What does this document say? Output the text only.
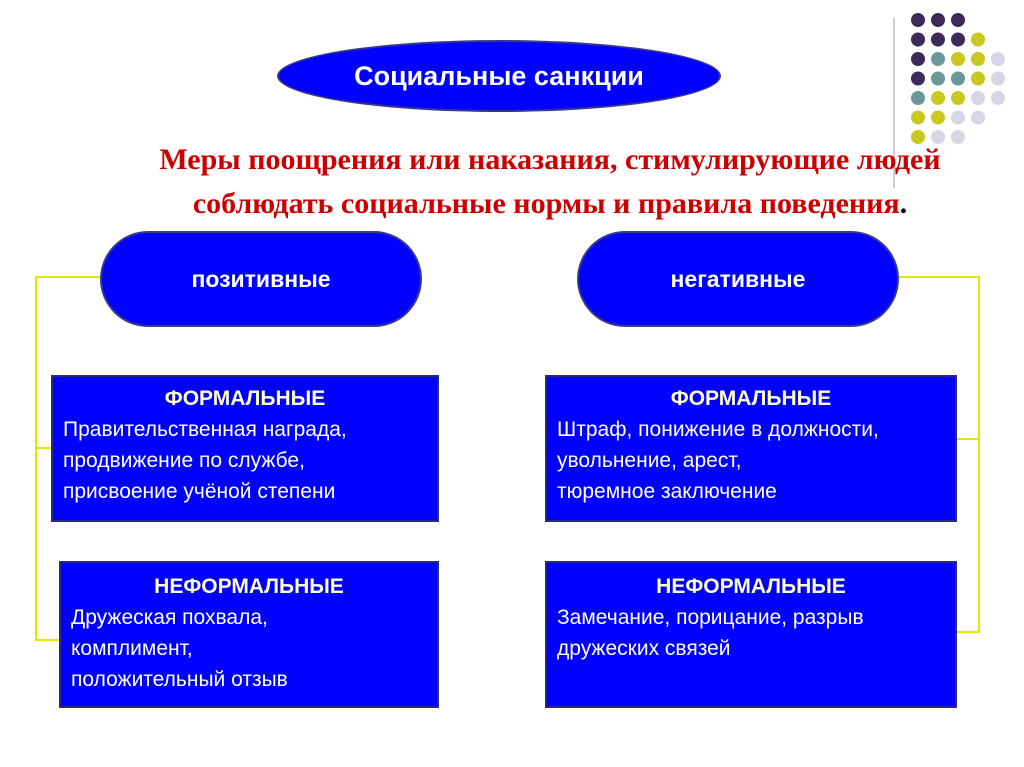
Социальные санкции
Меры поощрения или наказания, стимулирующие людей
соблюдать социальные нормы и правила поведения.
позитивные	негативные
ФОРМАЛЬНЫЕ
Правительственная награда,
продвижение по службе,
присвоение учёной степени
НЕФОРМАЛЬНЫЕ
Дружеская похвала,
комплимент,
положительный отзыв
ФОРМАЛЬНЫЕ
Штраф, понижение в должности,
увольнение, арест,
тюремное заключение
НЕФОРМАЛЬНЫЕ
Замечание, порицание, разрыв
дружеских связей
